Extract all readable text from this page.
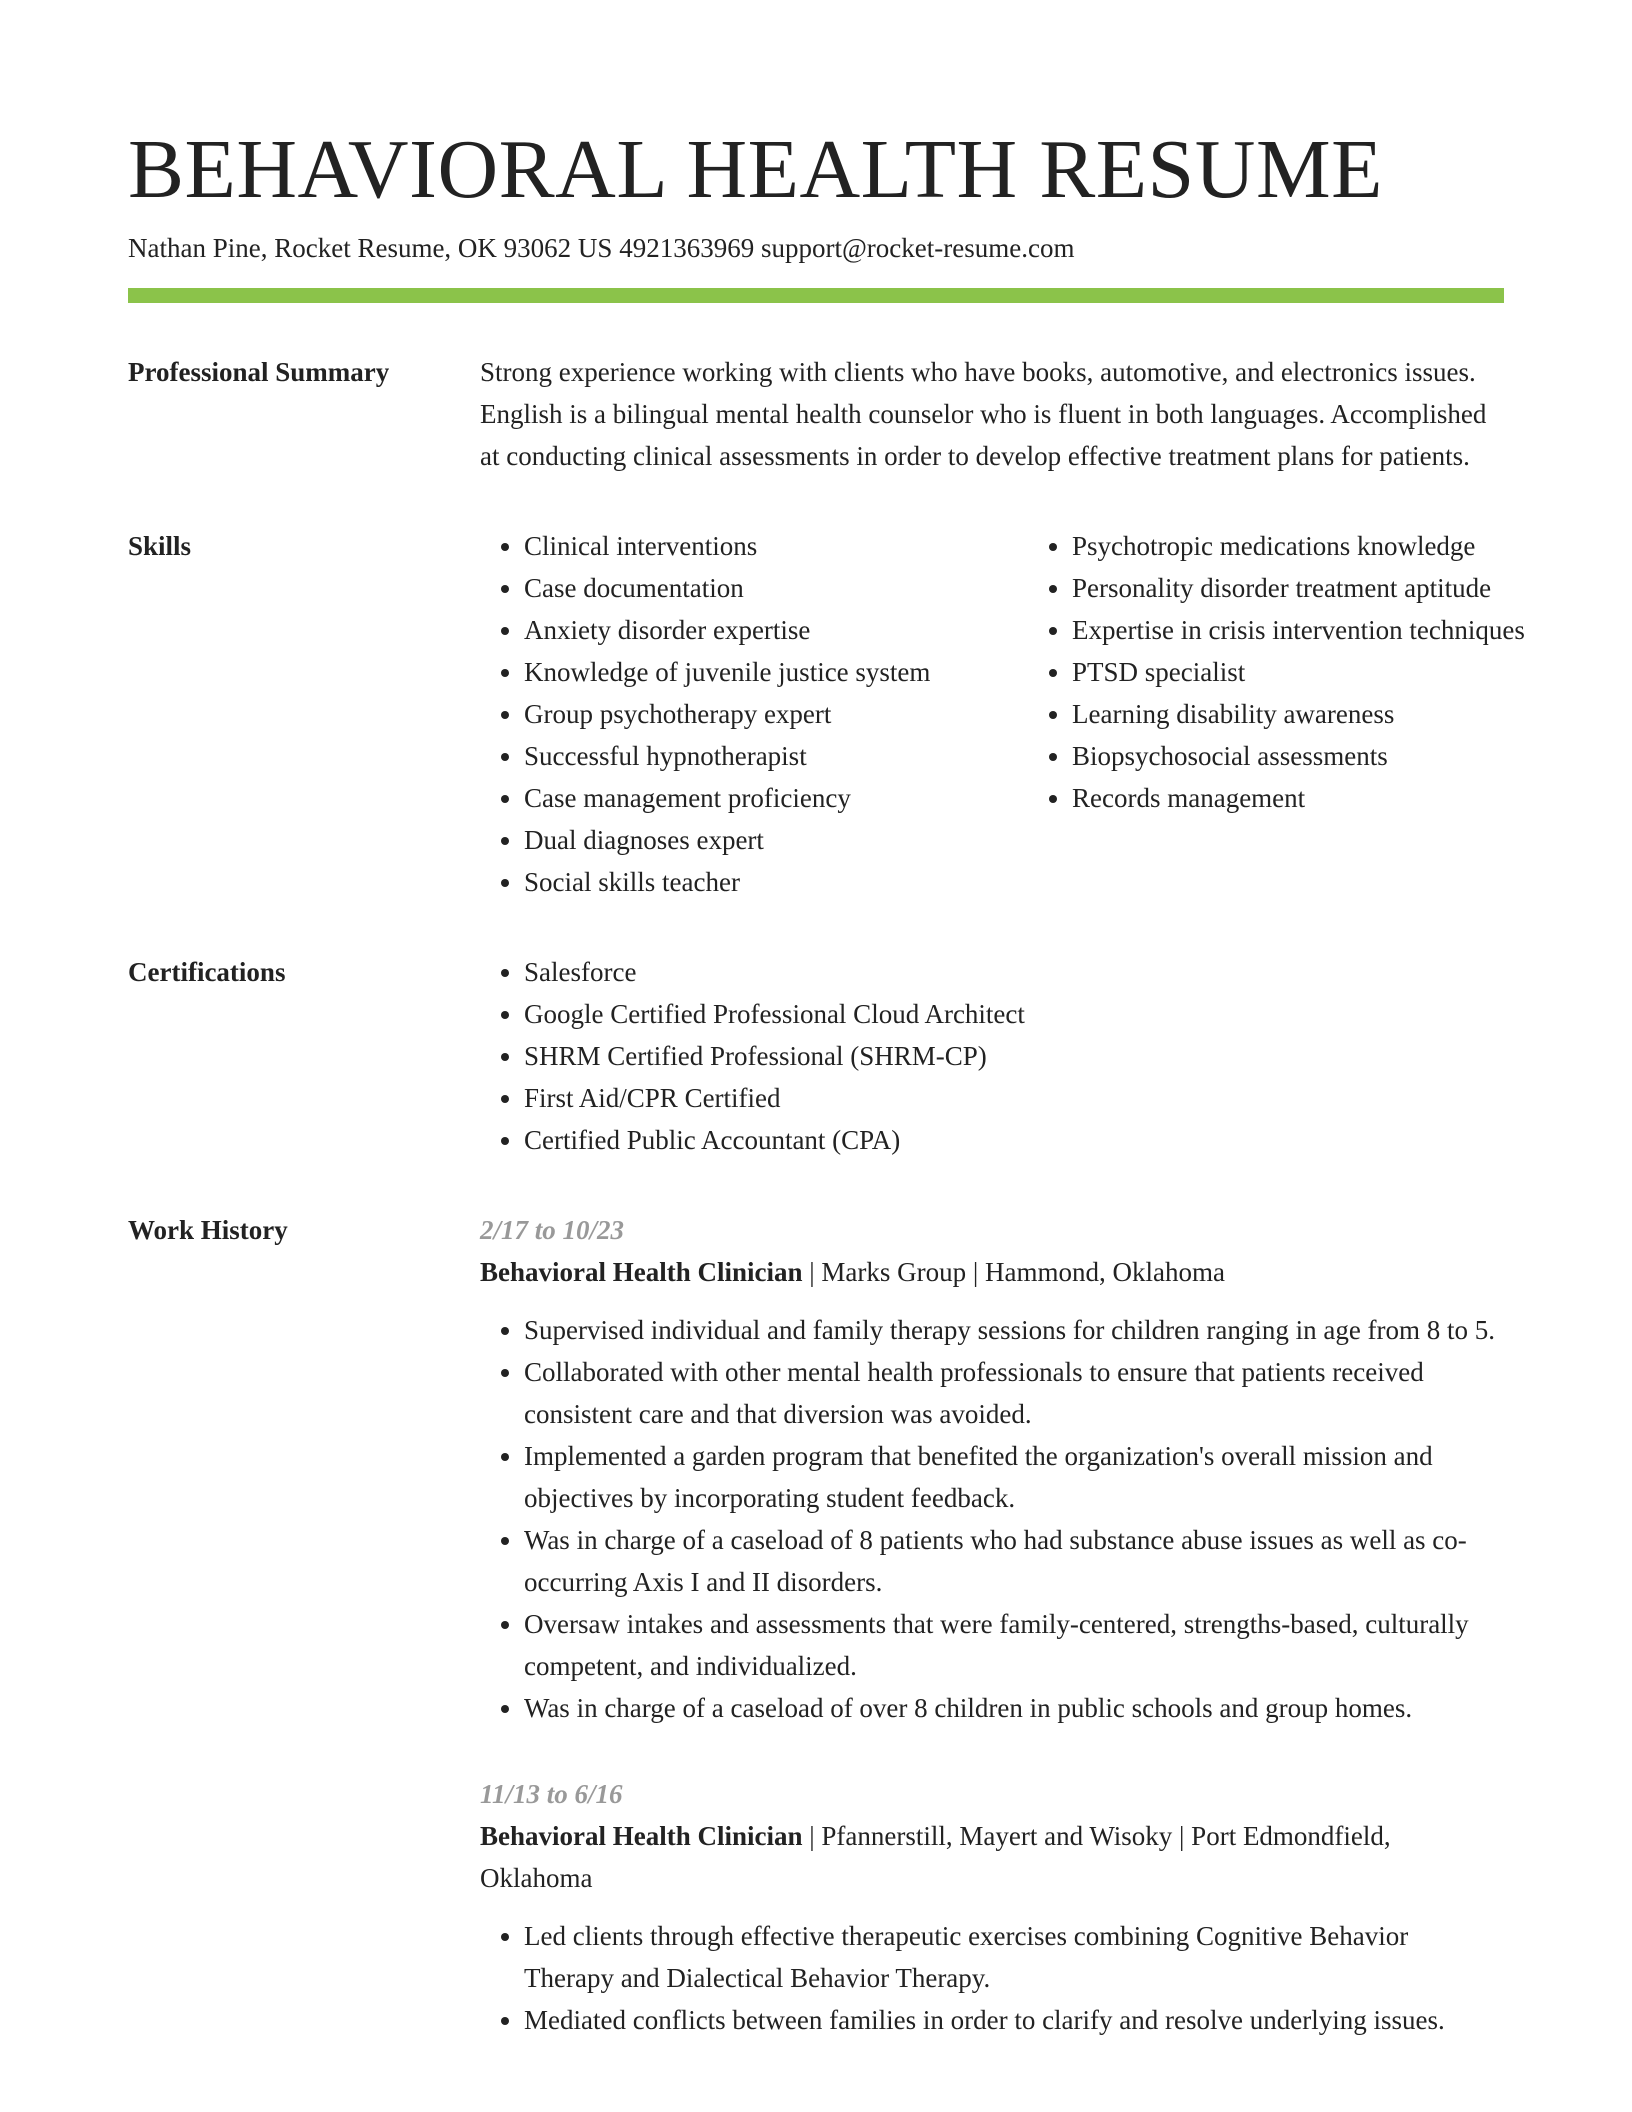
BEHAVIORAL HEALTH RESUME
Nathan Pine, Rocket Resume, OK 93062 US 4921363969 support@rocket-resume.com
Professional Summary	Strong experience working with clients who have books, automotive, and electronics issues. English is a bilingual mental health counselor who is fluent in both languages. Accomplished at conducting clinical assessments in order to develop effective treatment plans for patients.

Skills	• Clinical interventions
• Case documentation
• Anxiety disorder expertise
• Knowledge of juvenile justice system
• Group psychotherapy expert
• Successful hypnotherapist
• Case management proficiency
• Dual diagnoses expert
• Social skills teacher
• Psychotropic medications knowledge
• Personality disorder treatment aptitude
• Expertise in crisis intervention techniques
• PTSD specialist
• Learning disability awareness
• Biopsychosocial assessments
• Records management
Certifications	• Salesforce
• Google Certified Professional Cloud Architect
• SHRM Certified Professional (SHRM-CP)
• First Aid/CPR Certified
• Certified Public Accountant (CPA)
Work History	2/17 to 10/23
Behavioral Health Clinician | Marks Group | Hammond, Oklahoma
• Supervised individual and family therapy sessions for children ranging in age from 8 to 5.
• Collaborated with other mental health professionals to ensure that patients received consistent care and that diversion was avoided.
• Implemented a garden program that benefited the organization's overall mission and objectives by incorporating student feedback.
• Was in charge of a caseload of 8 patients who had substance abuse issues as well as co-occurring Axis I and II disorders.
• Oversaw intakes and assessments that were family-centered, strengths-based, culturally competent, and individualized.
• Was in charge of a caseload of over 8 children in public schools and group homes.
11/13 to 6/16
Behavioral Health Clinician | Pfannerstill, Mayert and Wisoky | Port Edmondfield, Oklahoma
• Led clients through effective therapeutic exercises combining Cognitive Behavior Therapy and Dialectical Behavior Therapy.
• Mediated conflicts between families in order to clarify and resolve underlying issues.
